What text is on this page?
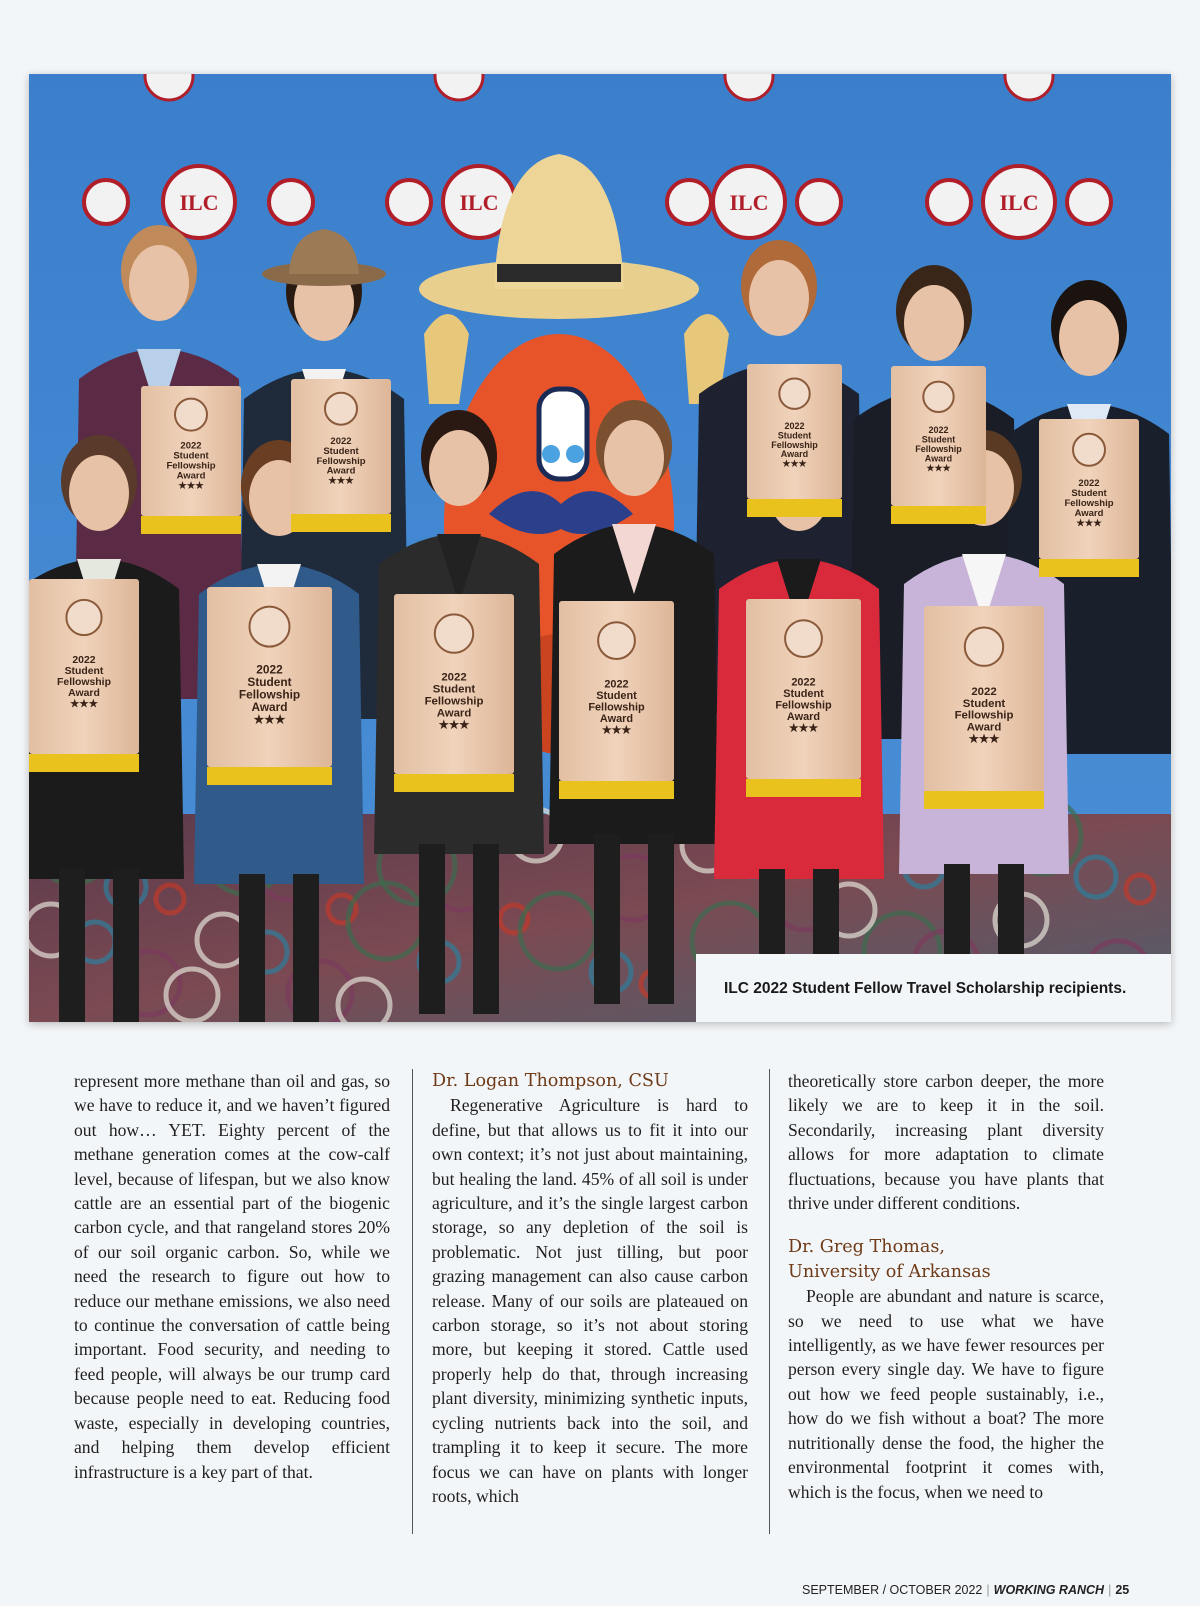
ILC	ILC	ILC	ILC
2022
Student
Fellowship
Award
★★★
2022
Student
Fellowship
Award
★★★
2022
Student
Fellowship
Award
★★★
2022
Student
Fellowship
Award
★★★
2022
Student
Fellowship
Award
★★★
2022
Student
Fellowship
Award
★★★
2022
Student
Fellowship
Award
★★★
2022
Student
Fellowship
Award
★★★
2022
Student
Fellowship
Award
★★★
2022
Student
Fellowship
Award
★★★
2022
Student
Fellowship
Award
★★★
ILC 2022 Student Fellow Travel Scholarship recipients.

represent more methane than oil and gas, so we have to reduce it, and we haven’t figured out how… YET. Eighty percent of the methane generation comes at the cow-calf level, because of lifespan, but we also know cattle are an essential part of the biogenic carbon cycle, and that rangeland stores 20% of our soil organic carbon. So, while we need the research to figure out how to reduce our methane emissions, we also need to continue the conversation of cattle being important. Food security, and needing to feed people, will always be our trump card because people need to eat. Reducing food waste, especially in developing countries, and helping them develop efficient infrastructure is a key part of that.

Dr. Logan Thompson, CSU

Regenerative Agriculture is hard to define, but that allows us to fit it into our own context; it’s not just about maintaining, but healing the land. 45% of all soil is under agriculture, and it’s the single largest carbon storage, so any depletion of the soil is problematic. Not just tilling, but poor grazing management can also cause carbon release. Many of our soils are plateaued on carbon storage, so it’s not about storing more, but keeping it stored. Cattle used properly help do that, through increasing plant diversity, minimizing synthetic inputs, cycling nutrients back into the soil, and trampling it to keep it secure. The more focus we can have on plants with longer roots, which

theoretically store carbon deeper, the more likely we are to keep it in the soil. Secondarily, increasing plant diversity allows for more adaptation to climate fluctuations, because you have plants that thrive under different conditions.

Dr. Greg Thomas,
University of Arkansas

People are abundant and nature is scarce, so we need to use what we have intelligently, as we have fewer resources per person every single day. We have to figure out how we feed people sustainably, i.e., how do we fish without a boat? The more nutritionally dense the food, the higher the environmental footprint it comes with, which is the focus, when we need to

SEPTEMBER / OCTOBER 2022 | WORKING RANCH | 25
